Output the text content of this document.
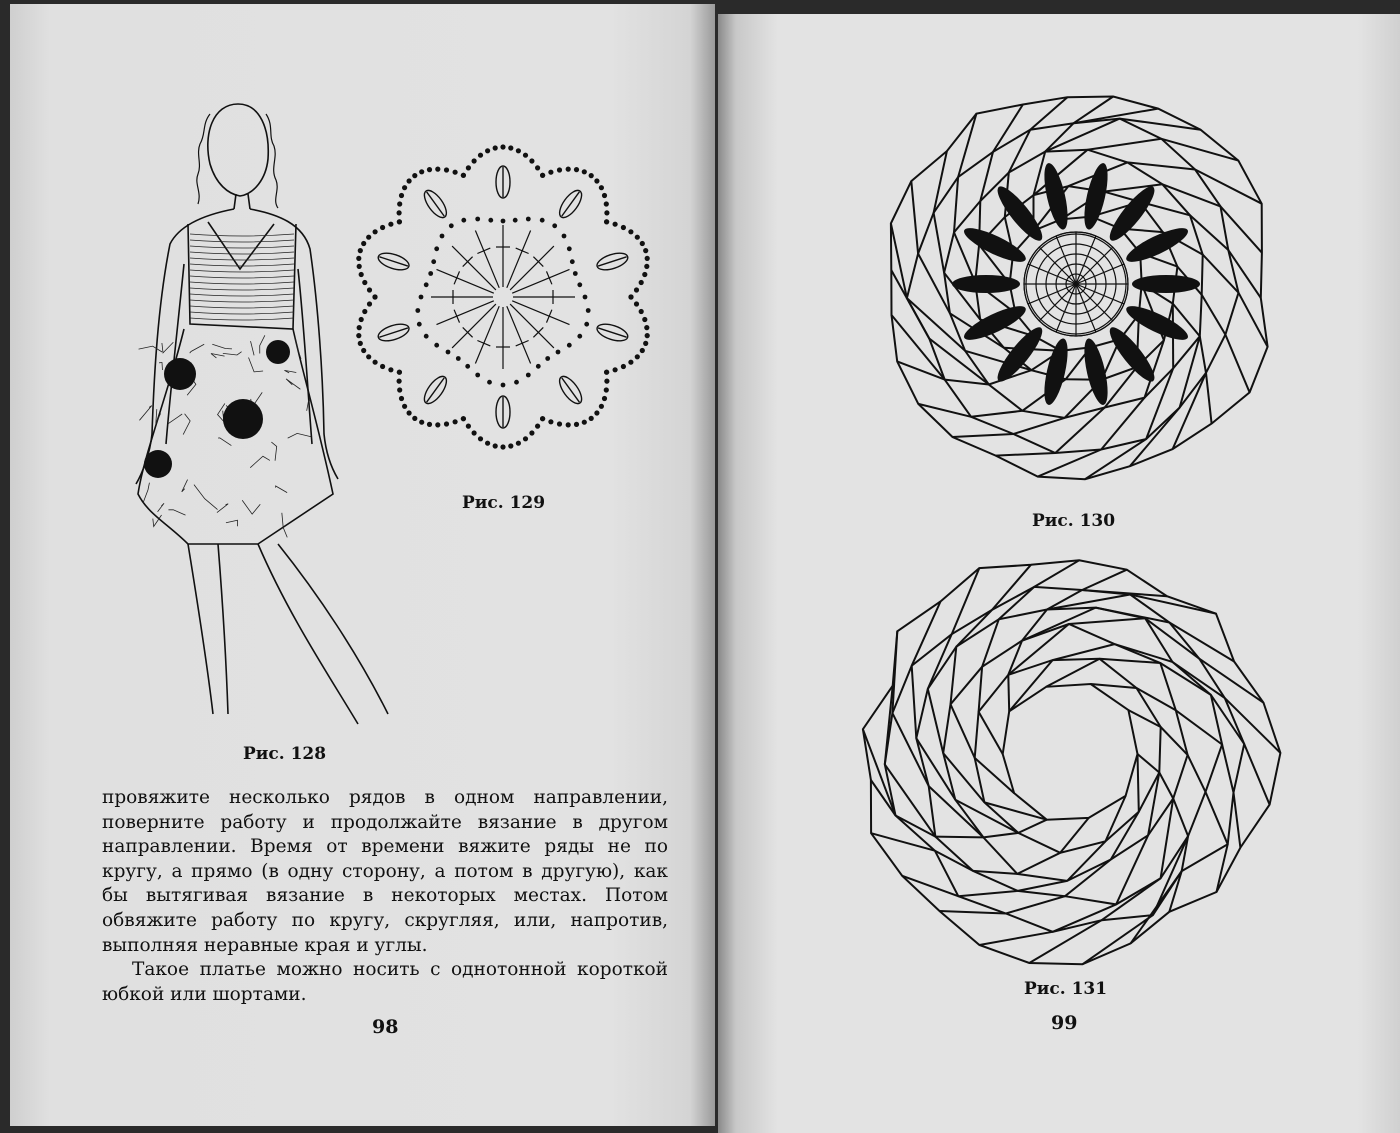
Рис. 128
Рис. 129

провяжите несколько рядов в одном направлении, поверните работу и продолжайте вязание в другом направлении. Время от времени вяжите ряды не по кругу, а прямо (в одну сторону, а потом в другую), как бы вытягивая вязание в некоторых местах. Потом обвяжите работу по кругу, скругляя, или, напротив, выполняя неравные края и углы.

Такое платье можно носить с однотонной короткой юбкой или шортами.

98
Рис. 130
Рис. 131
99
